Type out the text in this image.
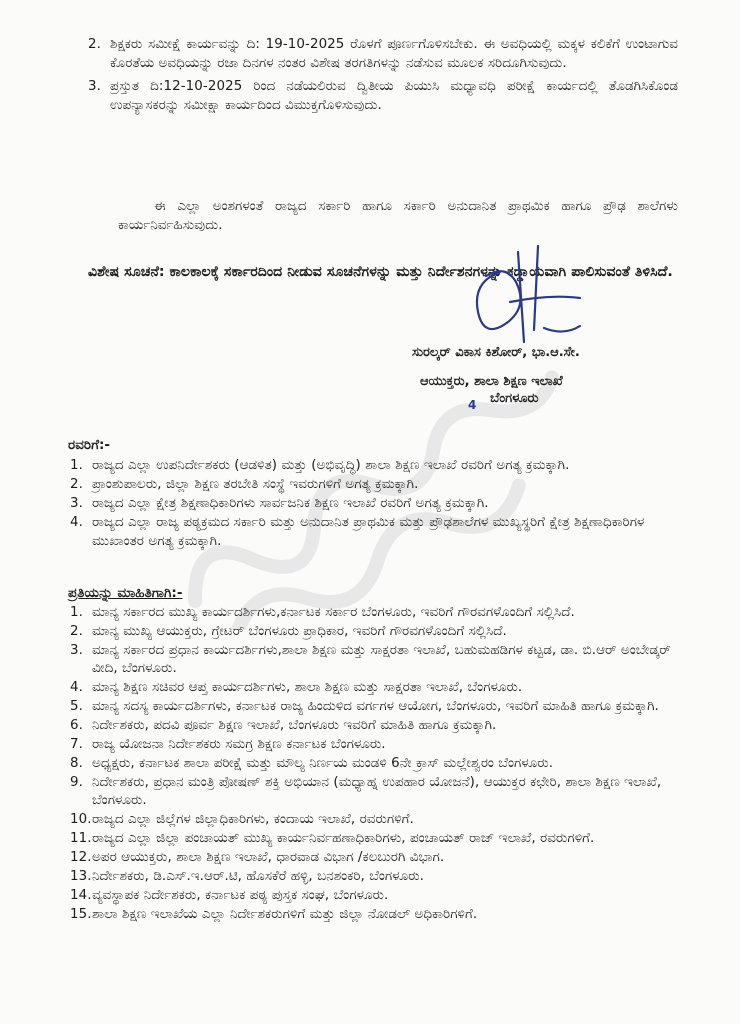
2. ಶಿಕ್ಷಕರು ಸಮೀಕ್ಷೆ ಕಾರ್ಯವನ್ನು ದಿ: 19-10-2025 ರೊಳಗೆ ಪೂರ್ಣಗೊಳಿಸಬೇಕು. ಈ ಅವಧಿಯಲ್ಲಿ ಮಕ್ಕಳ ಕಲಿಕೆಗೆ ಉಂಟಾಗುವ ಕೊರತೆಯ ಅವಧಿಯನ್ನು ರಜಾ ದಿನಗಳ ನಂತರ ವಿಶೇಷ ತರಗತಿಗಳನ್ನು ನಡೆಸುವ ಮೂಲಕ ಸರಿದೂಗಿಸುವುದು.
3. ಪ್ರಸ್ತುತ ದಿ:12-10-2025 ರಿಂದ ನಡೆಯಲಿರುವ ದ್ವಿತೀಯ ಪಿಯುಸಿ ಮಧ್ಯಾವಧಿ ಪರೀಕ್ಷೆ ಕಾರ್ಯದಲ್ಲಿ ತೊಡಗಿಸಿಕೊಂಡ ಉಪನ್ಯಾಸಕರನ್ನು ಸಮೀಕ್ಷಾ ಕಾರ್ಯದಿಂದ ವಿಮುಕ್ತಗೊಳಿಸುವುದು.

ಈ ಎಲ್ಲಾ ಅಂಶಗಳಂತೆ ರಾಜ್ಯದ ಸರ್ಕಾರಿ ಹಾಗೂ ಸರ್ಕಾರಿ ಅನುದಾನಿತ ಪ್ರಾಥಮಿಕ ಹಾಗೂ ಪ್ರೌಢ ಶಾಲೆಗಳು ಕಾರ್ಯನಿರ್ವಹಿಸುವುದು.

ವಿಶೇಷ ಸೂಚನೆ: ಕಾಲಕಾಲಕ್ಕೆ ಸರ್ಕಾರದಿಂದ ನೀಡುವ ಸೂಚನೆಗಳನ್ನು ಮತ್ತು ನಿರ್ದೇಶನಗಳನ್ನು ಕಡ್ಡಾಯವಾಗಿ ಪಾಲಿಸುವಂತೆ ತಿಳಿಸಿದೆ.

ಸುರಲ್ಕರ್ ವಿಕಾಸ ಕಿಶೋರ್, ಭಾ.ಆ.ಸೇ.
ಆಯುಕ್ತರು, ಶಾಲಾ ಶಿಕ್ಷಣ ಇಲಾಖೆ
4 ಬೆಂಗಳೂರು
ರವರಿಗೆ:-
1. ರಾಜ್ಯದ ಎಲ್ಲಾ ಉಪನಿರ್ದೇಶಕರು (ಆಡಳಿತ) ಮತ್ತು (ಅಭಿವೃದ್ಧಿ) ಶಾಲಾ ಶಿಕ್ಷಣ ಇಲಾಖೆ ರವರಿಗೆ ಅಗತ್ಯ ಕ್ರಮಕ್ಕಾಗಿ.
2. ಪ್ರಾಂಶುಪಾಲರು, ಜಿಲ್ಲಾ ಶಿಕ್ಷಣ ತರಬೇತಿ ಸಂಸ್ಥೆ ಇವರುಗಳಿಗೆ ಅಗತ್ಯ ಕ್ರಮಕ್ಕಾಗಿ.
3. ರಾಜ್ಯದ ಎಲ್ಲಾ ಕ್ಷೇತ್ರ ಶಿಕ್ಷಣಾಧಿಕಾರಿಗಳು ಸಾರ್ವಜನಿಕ ಶಿಕ್ಷಣ ಇಲಾಖೆ ರವರಿಗೆ ಅಗತ್ಯ ಕ್ರಮಕ್ಕಾಗಿ.
4. ರಾಜ್ಯದ ಎಲ್ಲಾ ರಾಜ್ಯ ಪಠ್ಯಕ್ರಮದ ಸರ್ಕಾರಿ ಮತ್ತು ಅನುದಾನಿತ ಪ್ರಾಥಮಿಕ ಮತ್ತು ಪ್ರೌಢಶಾಲೆಗಳ ಮುಖ್ಯಸ್ಥರಿಗೆ ಕ್ಷೇತ್ರ ಶಿಕ್ಷಣಾಧಿಕಾರಿಗಳ ಮುಖಾಂತರ ಅಗತ್ಯ ಕ್ರಮಕ್ಕಾಗಿ.
ಪ್ರತಿಯನ್ನು ಮಾಹಿತಿಗಾಗಿ:-
1. ಮಾನ್ಯ ಸರ್ಕಾರದ ಮುಖ್ಯ ಕಾರ್ಯದರ್ಶಿಗಳು,ಕರ್ನಾಟಕ ಸರ್ಕಾರ ಬೆಂಗಳೂರು, ಇವರಿಗೆ ಗೌರವಗಳೊಂದಿಗೆ ಸಲ್ಲಿಸಿದೆ.
2. ಮಾನ್ಯ ಮುಖ್ಯ ಆಯುಕ್ತರು, ಗ್ರೇಟರ್ ಬೆಂಗಳೂರು ಪ್ರಾಧಿಕಾರ, ಇವರಿಗೆ ಗೌರವಗಳೊಂದಿಗೆ ಸಲ್ಲಿಸಿದೆ.
3. ಮಾನ್ಯ ಸರ್ಕಾರದ ಪ್ರಧಾನ ಕಾರ್ಯದರ್ಶಿಗಳು,ಶಾಲಾ ಶಿಕ್ಷಣ ಮತ್ತು ಸಾಕ್ಷರತಾ ಇಲಾಖೆ, ಬಹುಮಹಡಿಗಳ ಕಟ್ಟಡ, ಡಾ. ಬಿ.ಆರ್ ಅಂಬೇಡ್ಕರ್ ವೀದಿ, ಬೆಂಗಳೂರು.
4. ಮಾನ್ಯ ಶಿಕ್ಷಣ ಸಚಿವರ ಆಪ್ತ ಕಾರ್ಯದರ್ಶಿಗಳು, ಶಾಲಾ ಶಿಕ್ಷಣ ಮತ್ತು ಸಾಕ್ಷರತಾ ಇಲಾಖೆ, ಬೆಂಗಳೂರು.
5. ಮಾನ್ಯ ಸದಸ್ಯ ಕಾರ್ಯದರ್ಶಿಗಳು, ಕರ್ನಾಟಕ ರಾಜ್ಯ ಹಿಂದುಳಿದ ವರ್ಗಗಳ ಆಯೋಗ, ಬೆಂಗಳೂರು, ಇವರಿಗೆ ಮಾಹಿತಿ ಹಾಗೂ ಕ್ರಮಕ್ಕಾಗಿ.
6. ನಿರ್ದೇಶಕರು, ಪದವಿ ಪೂರ್ವ ಶಿಕ್ಷಣ ಇಲಾಖೆ, ಬೆಂಗಳೂರು ಇವರಿಗೆ ಮಾಹಿತಿ ಹಾಗೂ ಕ್ರಮಕ್ಕಾಗಿ.
7. ರಾಜ್ಯ ಯೋಜನಾ ನಿರ್ದೇಶಕರು ಸಮಗ್ರ ಶಿಕ್ಷಣ ಕರ್ನಾಟಕ ಬೆಂಗಳೂರು.
8. ಅಧ್ಯಕ್ಷರು, ಕರ್ನಾಟಕ ಶಾಲಾ ಪರೀಕ್ಷೆ ಮತ್ತು ಮೌಲ್ಯ ನಿರ್ಣಯ ಮಂಡಳಿ 6ನೇ ಕ್ರಾಸ್ ಮಲ್ಲೇಶ್ವರಂ ಬೆಂಗಳೂರು.
9. ನಿರ್ದೇಶಕರು, ಪ್ರಧಾನ ಮಂತ್ರಿ ಪೋಷಣ್ ಶಕ್ತಿ ಅಭಿಯಾನ (ಮಧ್ಯಾಹ್ನ ಉಪಹಾರ ಯೋಜನೆ), ಆಯುಕ್ತರ ಕಛೇರಿ, ಶಾಲಾ ಶಿಕ್ಷಣ ಇಲಾಖೆ, ಬೆಂಗಳೂರು.
10. ರಾಜ್ಯದ ಎಲ್ಲಾ ಜಿಲ್ಲೆಗಳ ಜಿಲ್ಲಾಧಿಕಾರಿಗಳು, ಕಂದಾಯ ಇಲಾಖೆ, ರವರುಗಳಿಗೆ.
11. ರಾಜ್ಯದ ಎಲ್ಲಾ ಜಿಲ್ಲಾ ಪಂಚಾಯತ್ ಮುಖ್ಯ ಕಾರ್ಯನಿರ್ವಹಣಾಧಿಕಾರಿಗಳು, ಪಂಚಾಯತ್ ರಾಜ್ ಇಲಾಖೆ, ರವರುಗಳಿಗೆ.
12. ಅಪರ ಆಯುಕ್ತರು, ಶಾಲಾ ಶಿಕ್ಷಣ ಇಲಾಖೆ, ಧಾರವಾಡ ವಿಭಾಗ /ಕಲಬುರಗಿ ವಿಭಾಗ.
13. ನಿರ್ದೇಶಕರು, ಡಿ.ಎಸ್.ಇ.ಆರ್.ಟಿ, ಹೊಸಕೆರೆ ಹಳ್ಳಿ, ಬನಶಂಕರಿ, ಬೆಂಗಳೂರು.
14. ವ್ಯವಸ್ಥಾಪಕ ನಿರ್ದೇಶಕರು, ಕರ್ನಾಟಕ ಪಠ್ಯ ಪುಸ್ತಕ ಸಂಘ, ಬೆಂಗಳೂರು.
15. ಶಾಲಾ ಶಿಕ್ಷಣ ಇಲಾಖೆಯ ಎಲ್ಲಾ ನಿರ್ದೇಶಕರುಗಳಿಗೆ ಮತ್ತು ಜಿಲ್ಲಾ ನೋಡಲ್ ಅಧಿಕಾರಿಗಳಿಗೆ.
